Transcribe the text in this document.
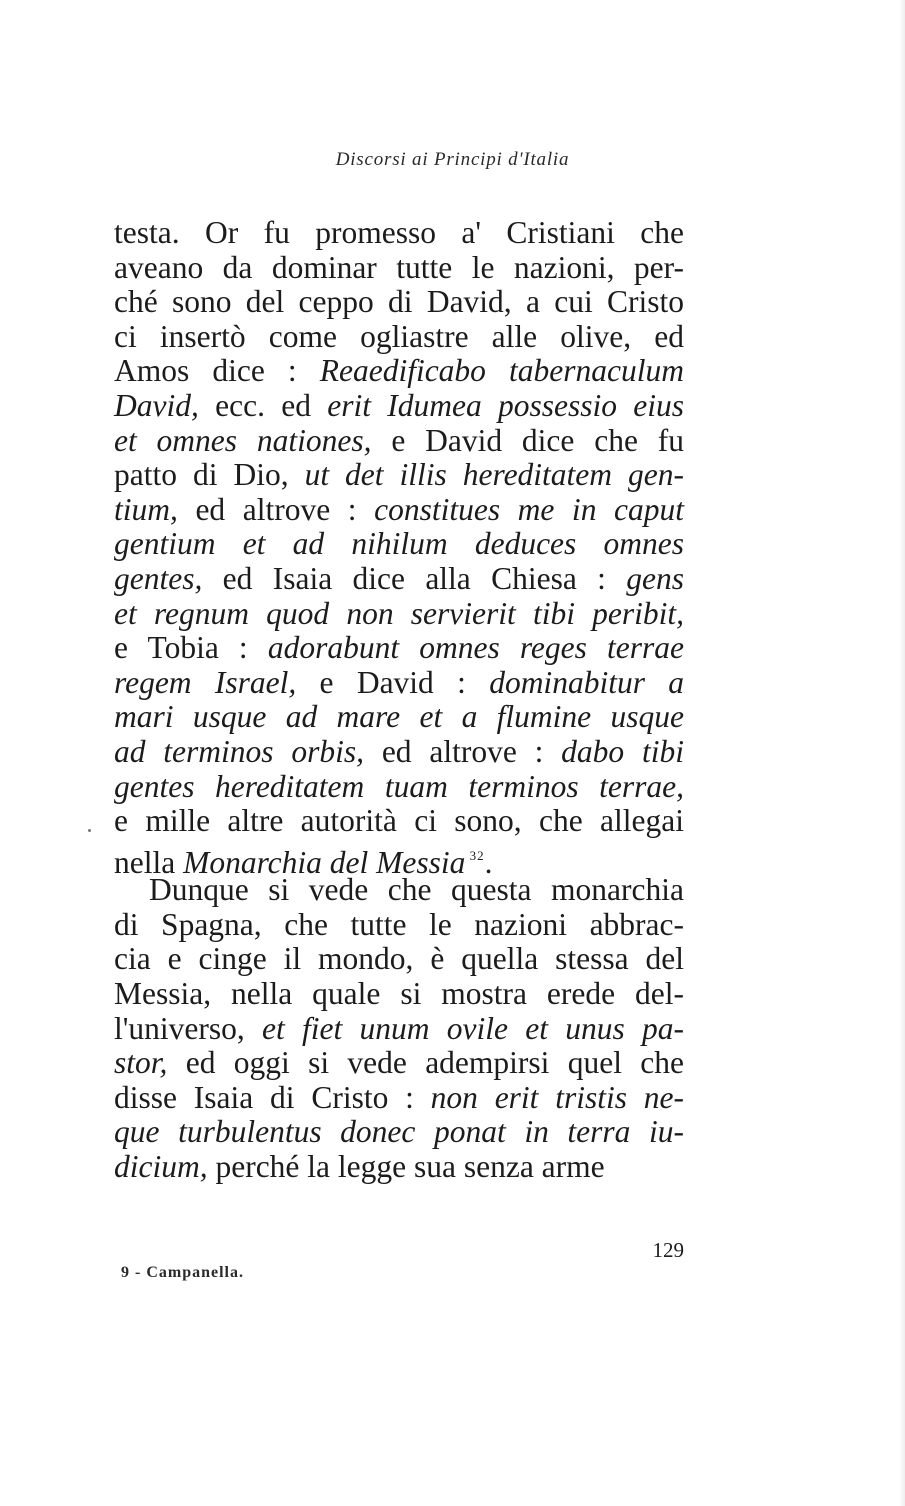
Discorsi ai Principi d'Italia
testa. Or fu promesso a' Cristiani che
aveano da dominar tutte le nazioni, per-
ché sono del ceppo di David, a cui Cristo
ci insertò come ogliastre alle olive, ed
Amos dice : Reaedificabo tabernaculum
David, ecc. ed erit Idumea possessio eius
et omnes nationes, e David dice che fu
patto di Dio, ut det illis hereditatem gen-
tium, ed altrove : constitues me in caput
gentium et ad nihilum deduces omnes
gentes, ed Isaia dice alla Chiesa : gens
et regnum quod non servierit tibi peribit,
e Tobia : adorabunt omnes reges terrae
regem Israel, e David : dominabitur a
mari usque ad mare et a flumine usque
ad terminos orbis, ed altrove : dabo tibi
gentes hereditatem tuam terminos terrae,
e mille altre autorità ci sono, che allegai
nella Monarchia del Messia $^{32}$.
Dunque si vede che questa monarchia
di Spagna, che tutte le nazioni abbrac-
cia e cinge il mondo, è quella stessa del
Messia, nella quale si mostra erede del-
l'universo, et fiet unum ovile et unus pa-
stor, ed oggi si vede adempirsi quel che
disse Isaia di Cristo : non erit tristis ne-
que turbulentus donec ponat in terra iu-
dicium, perché la legge sua senza arme
129
9 - Campanella.
